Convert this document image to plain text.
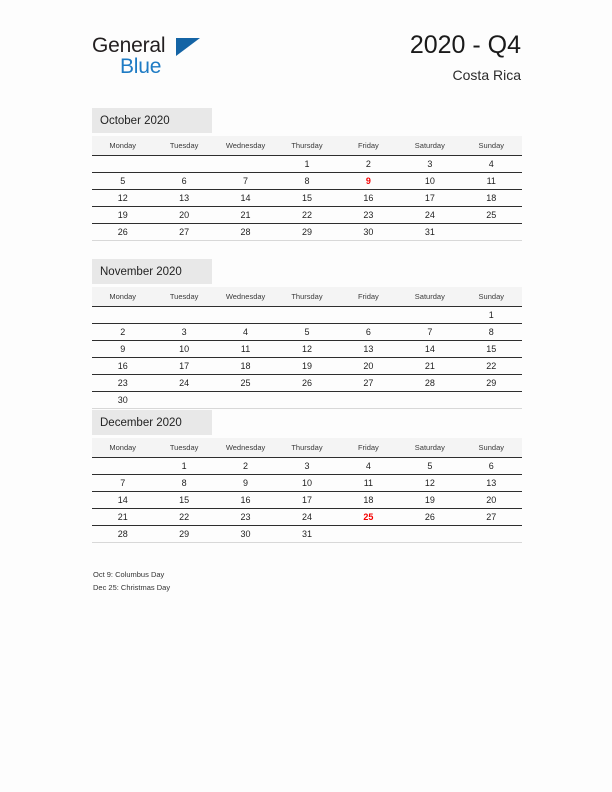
General
Blue
2020 - Q4
Costa Rica
October 2020
Monday	Tuesday	Wednesday	Thursday	Friday	Saturday	Sunday
			1	2	3	4
5	6	7	8	9	10	11
12	13	14	15	16	17	18
19	20	21	22	23	24	25
26	27	28	29	30	31	
November 2020
Monday	Tuesday	Wednesday	Thursday	Friday	Saturday	Sunday
						1
2	3	4	5	6	7	8
9	10	11	12	13	14	15
16	17	18	19	20	21	22
23	24	25	26	27	28	29
30						
December 2020
Monday	Tuesday	Wednesday	Thursday	Friday	Saturday	Sunday
	1	2	3	4	5	6
7	8	9	10	11	12	13
14	15	16	17	18	19	20
21	22	23	24	25	26	27
28	29	30	31			
Oct 9: Columbus Day
Dec 25: Christmas Day
